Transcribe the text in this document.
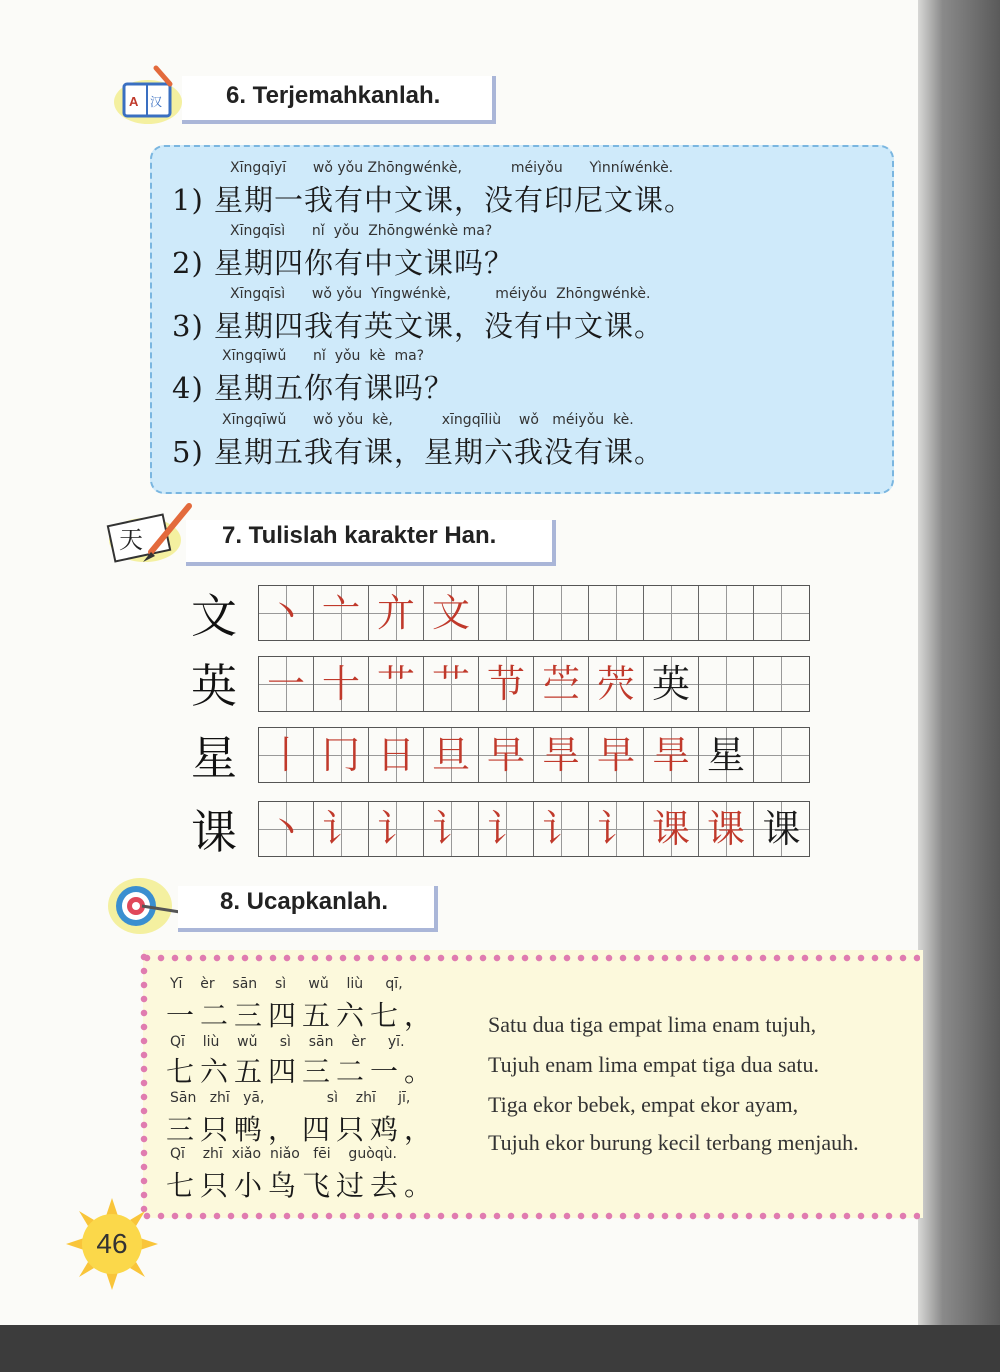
A 汉	6. Terjemahkanlah.
Xīngqīyī      wǒ yǒu Zhōngwénkè,           méiyǒu      Yìnníwénkè.
1) 星期一我有中文课，没有印尼文课。
Xīngqīsì      nǐ  yǒu  Zhōngwénkè ma?
2) 星期四你有中文课吗？
Xīngqīsì      wǒ yǒu  Yīngwénkè,          méiyǒu  Zhōngwénkè.
3) 星期四我有英文课，没有中文课。
Xīngqīwǔ      nǐ  yǒu  kè  ma?
4) 星期五你有课吗？
Xīngqīwǔ      wǒ yǒu  kè,           xīngqīliù    wǒ   méiyǒu  kè.
5) 星期五我有课，星期六我没有课。
天	7. Tulislah karakter Han.
文 丶 亠 亣 文
英 一 十 艹 艹 节 苎 茓 英
星 丨 冂 日 旦 早 旱 早 旱 星
课 丶 讠 讠 讠 讠 讠 讠 课 课 课
8. Ucapkanlah.
Yī    èr    sān    sì     wǔ    liù     qī,
一二三四五六七，
Qī    liù    wǔ     sì    sān    èr     yī.
七六五四三二一。
Sān   zhī   yā,              sì    zhī     jī,
三只鸭，四只鸡，
Qī    zhī  xiǎo  niǎo   fēi    guòqù.
七只小鸟飞过去。
Satu dua tiga empat lima enam tujuh,
Tujuh enam lima empat tiga dua satu.
Tiga ekor bebek, empat ekor ayam,
Tujuh ekor burung kecil terbang menjauh.
46
